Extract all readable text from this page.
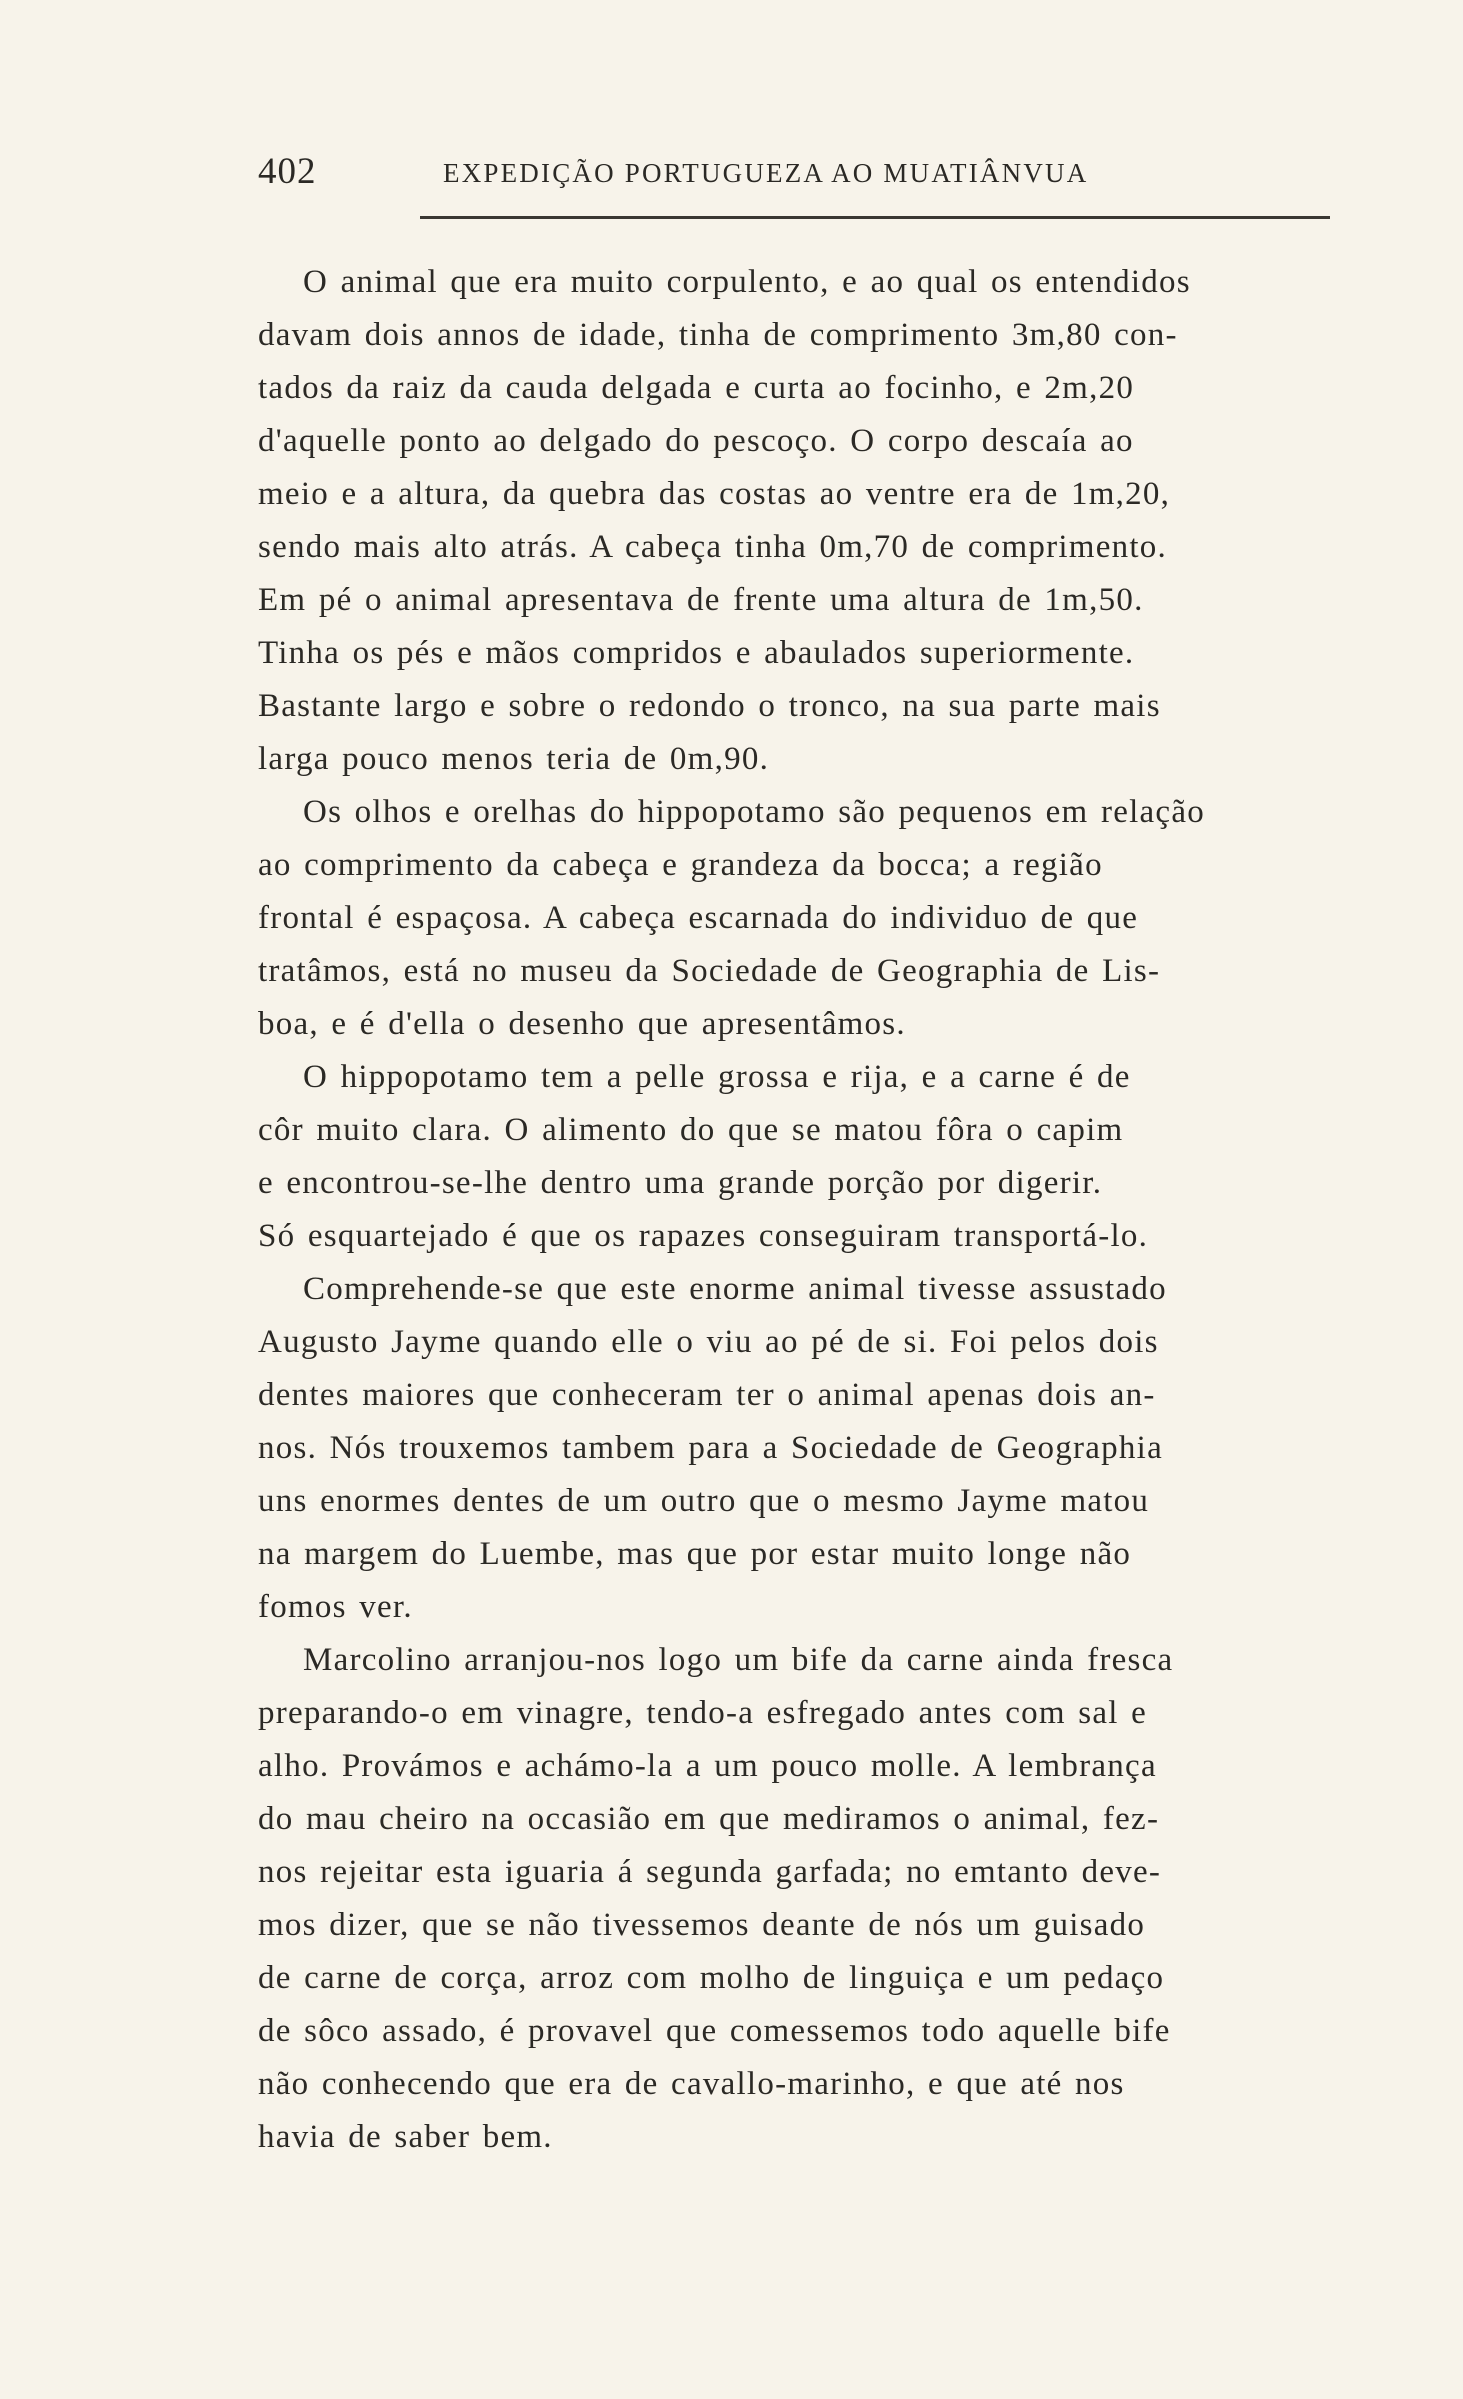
402	EXPEDIÇÃO PORTUGUEZA AO MUATIÂNVUA
O animal que era muito corpulento, e ao qual os entendidos
davam dois annos de idade, tinha de comprimento 3m,80 con-
tados da raiz da cauda delgada e curta ao focinho, e 2m,20
d'aquelle ponto ao delgado do pescoço. O corpo descaía ao
meio e a altura, da quebra das costas ao ventre era de 1m,20,
sendo mais alto atrás. A cabeça tinha 0m,70 de comprimento.
Em pé o animal apresentava de frente uma altura de 1m,50.
Tinha os pés e mãos compridos e abaulados superiormente.
Bastante largo e sobre o redondo o tronco, na sua parte mais
larga pouco menos teria de 0m,90.
Os olhos e orelhas do hippopotamo são pequenos em relação
ao comprimento da cabeça e grandeza da bocca; a região
frontal é espaçosa. A cabeça escarnada do individuo de que
tratâmos, está no museu da Sociedade de Geographia de Lis-
boa, e é d'ella o desenho que apresentâmos.
O hippopotamo tem a pelle grossa e rija, e a carne é de
côr muito clara. O alimento do que se matou fôra o capim
e encontrou-se-lhe dentro uma grande porção por digerir.
Só esquartejado é que os rapazes conseguiram transportá-lo.
Comprehende-se que este enorme animal tivesse assustado
Augusto Jayme quando elle o viu ao pé de si. Foi pelos dois
dentes maiores que conheceram ter o animal apenas dois an-
nos. Nós trouxemos tambem para a Sociedade de Geographia
uns enormes dentes de um outro que o mesmo Jayme matou
na margem do Luembe, mas que por estar muito longe não
fomos ver.
Marcolino arranjou-nos logo um bife da carne ainda fresca
preparando-o em vinagre, tendo-a esfregado antes com sal e
alho. Provámos e achámo-la a um pouco molle. A lembrança
do mau cheiro na occasião em que mediramos o animal, fez-
nos rejeitar esta iguaria á segunda garfada; no emtanto deve-
mos dizer, que se não tivessemos deante de nós um guisado
de carne de corça, arroz com molho de linguiça e um pedaço
de sôco assado, é provavel que comessemos todo aquelle bife
não conhecendo que era de cavallo-marinho, e que até nos
havia de saber bem.
